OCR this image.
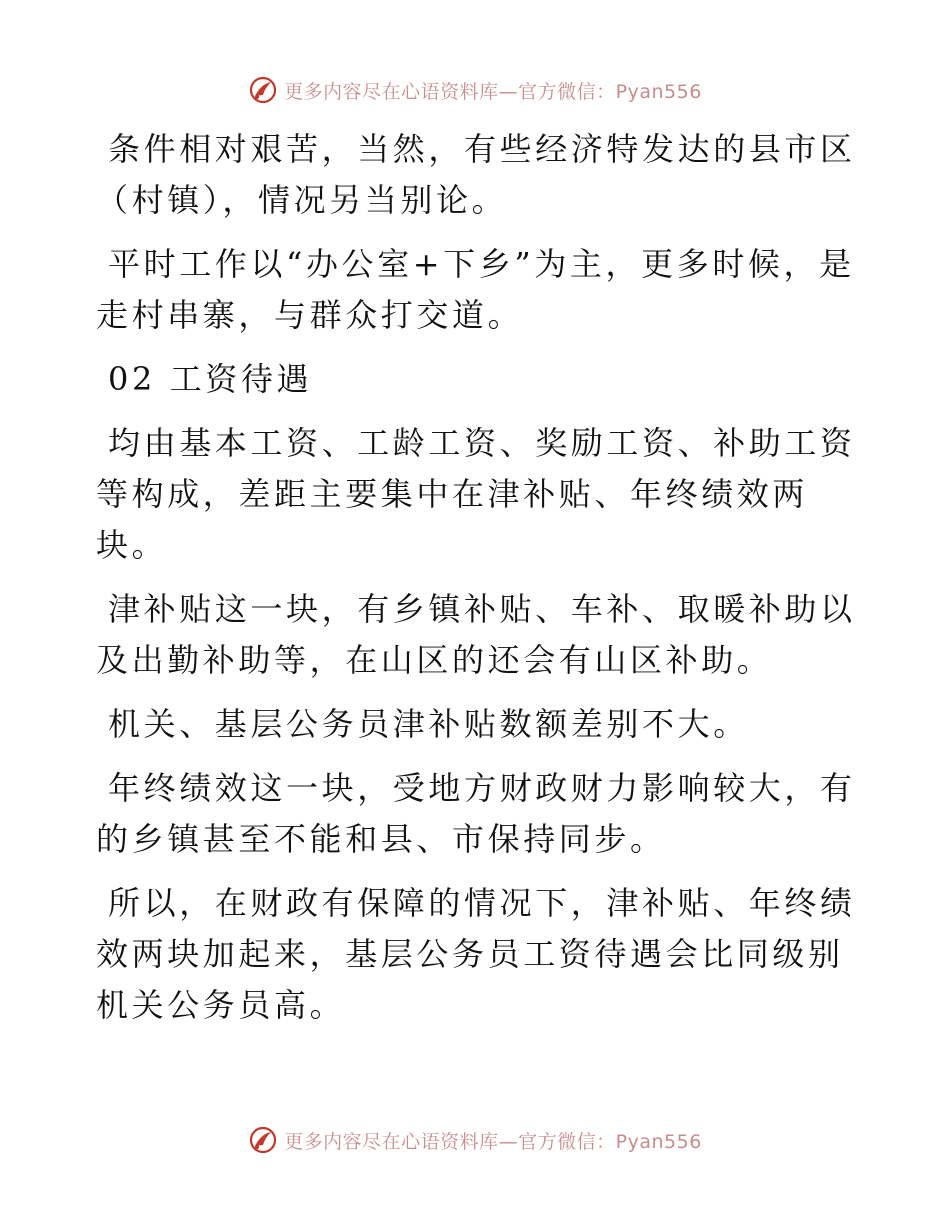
更多内容尽在心语资料库—官方微信：Pyan556

条件相对艰苦，当然，有些经济特发达的县市区（村镇），情况另当别论。

平时工作以“办公室+下乡”为主，更多时候，是走村串寨，与群众打交道。

02 工资待遇

均由基本工资、工龄工资、奖励工资、补助工资等构成，差距主要集中在津补贴、年终绩效两块。

津补贴这一块，有乡镇补贴、车补、取暖补助以及出勤补助等，在山区的还会有山区补助。

机关、基层公务员津补贴数额差别不大。

年终绩效这一块，受地方财政财力影响较大，有的乡镇甚至不能和县、市保持同步。

所以，在财政有保障的情况下，津补贴、年终绩效两块加起来，基层公务员工资待遇会比同级别机关公务员高。

更多内容尽在心语资料库—官方微信：Pyan556
